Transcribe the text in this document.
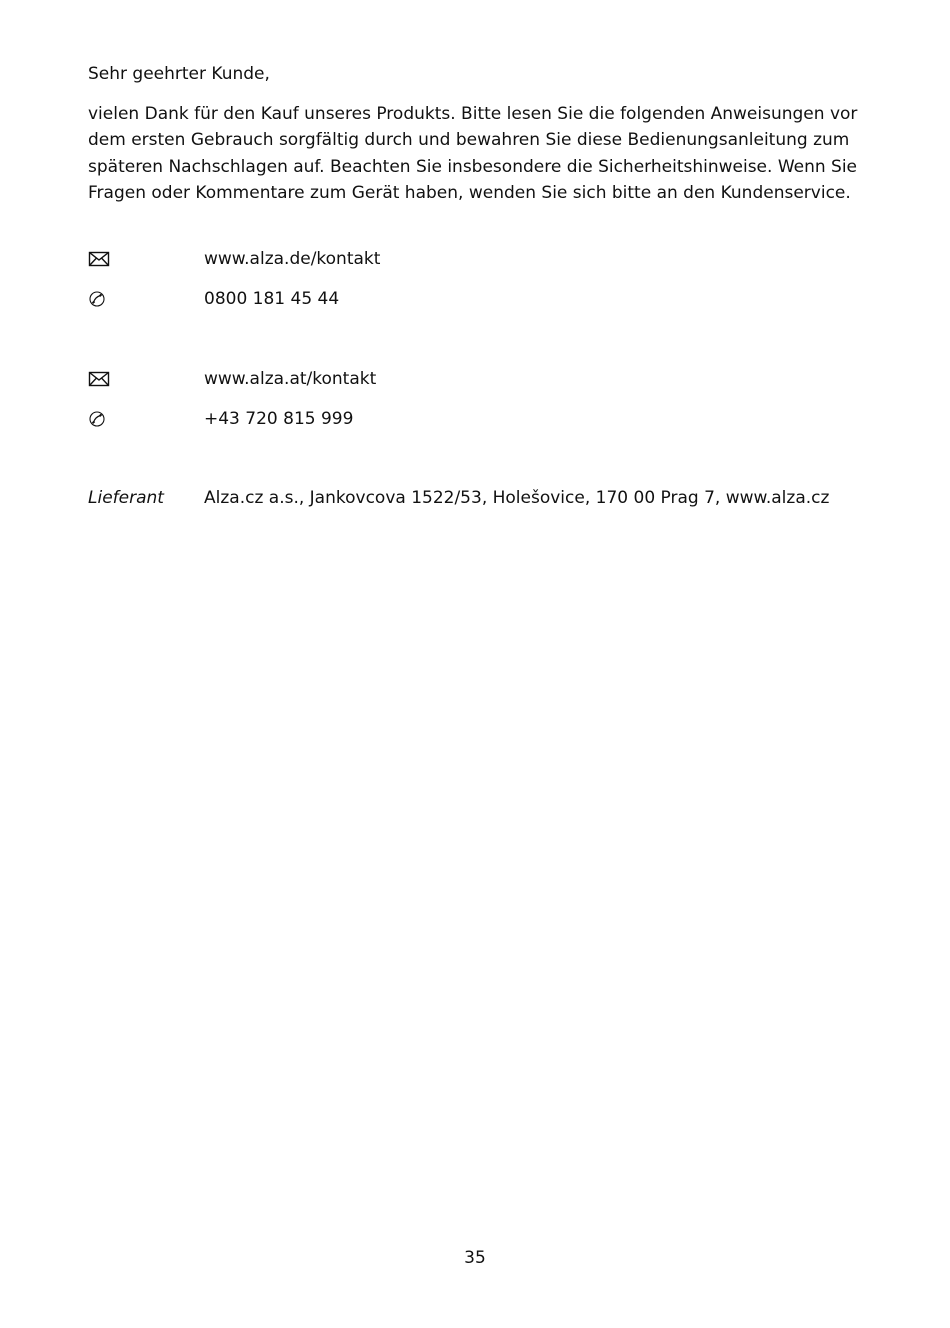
Sehr geehrter Kunde,

vielen Dank für den Kauf unseres Produkts. Bitte lesen Sie die folgenden Anweisungen vor dem ersten Gebrauch sorgfältig durch und bewahren Sie diese Bedienungsanleitung zum späteren Nachschlagen auf. Beachten Sie insbesondere die Sicherheitshinweise. Wenn Sie Fragen oder Kommentare zum Gerät haben, wenden Sie sich bitte an den Kundenservice.

www.alza.de/kontakt
0800 181 45 44
www.alza.at/kontakt
+43 720 815 999
Lieferant Alza.cz a.s., Jankovcova 1522/53, Holešovice, 170 00 Prag 7, www.alza.cz
35
